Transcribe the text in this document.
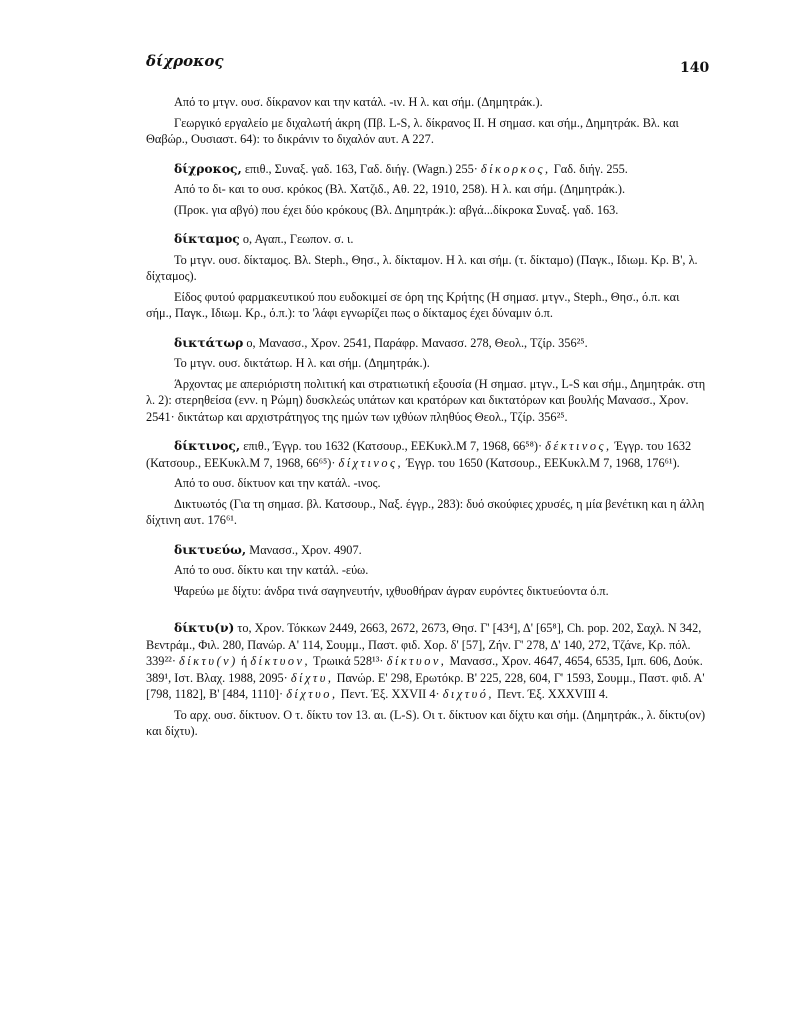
δίχροκος	140

Από το μτγν. ουσ. δίκρανον και την κατάλ. -ιν. Η λ. και σήμ. (Δημητράκ.).

Γεωργικό εργαλείο με διχαλωτή άκρη (Πβ. L-S, λ. δίκρανος II. Η σημασ. και σήμ., Δημητράκ. Βλ. και Θαβώρ., Ουσιαστ. 64): το δικράνιν το διχαλόν αυτ. Α 227.

δίχροκος, επιθ., Συναξ. γαδ. 163, Γαδ. διήγ. (Wagn.) 255· δίκορκος, Γαδ. διήγ. 255.

Από το δι- και το ουσ. κρόκος (Βλ. Χατζιδ., Αθ. 22, 1910, 258). Η λ. και σήμ. (Δημητράκ.).

(Προκ. για αβγό) που έχει δύο κρόκους (Βλ. Δημητράκ.): αβγά...δίκροκα Συναξ. γαδ. 163.

δίκταμος ο, Αγαπ., Γεωπον. σ. ι.

Το μτγν. ουσ. δίκταμος. Βλ. Steph., Θησ., λ. δίκταμον. Η λ. και σήμ. (τ. δίκταμο) (Παγκ., Ιδιωμ. Κρ. Β', λ. δίχταμος).

Είδος φυτού φαρμακευτικού που ευδοκιμεί σε όρη της Κρήτης (Η σημασ. μτγν., Steph., Θησ., ό.π. και σήμ., Παγκ., Ιδιωμ. Κρ., ό.π.): το 'λάφι εγνωρίζει πως ο δίκταμος έχει δύναμιν ό.π.

δικτάτωρ ο, Μανασσ., Χρον. 2541, Παράφρ. Μανασσ. 278, Θεολ., Τζίρ. 356²⁵.

Το μτγν. ουσ. δικτάτωρ. Η λ. και σήμ. (Δημητράκ.).

Άρχοντας με απεριόριστη πολιτική και στρατιωτική εξουσία (Η σημασ. μτγν., L-S και σήμ., Δημητράκ. στη λ. 2): στερηθείσα (ενν. η Ρώμη) δυσκλεώς υπάτων και κρατόρων και δικτατόρων και βουλής Μανασσ., Χρον. 2541· δικτάτωρ και αρχιστράτηγος της ημών των ιχθύων πληθύος Θεολ., Τζίρ. 356²⁵.

δίκτινος, επιθ., Έγγρ. του 1632 (Κατσουρ., ΕΕΚυκλ.Μ 7, 1968, 66⁵⁸)· δέκτινος, Έγγρ. του 1632 (Κατσουρ., ΕΕΚυκλ.Μ 7, 1968, 66⁶⁵)· δίχτινος, Έγγρ. του 1650 (Κατσουρ., ΕΕΚυκλ.Μ 7, 1968, 176⁶¹).

Από το ουσ. δίκτυον και την κατάλ. -ινος.

Δικτυωτός (Για τη σημασ. βλ. Κατσουρ., Ναξ. έγγρ., 283): δυό σκούφιες χρυσές, η μία βενέτικη και η άλλη δίχτινη αυτ. 176⁶¹.

δικτυεύω, Μανασσ., Χρον. 4907.

Από το ουσ. δίκτυ και την κατάλ. -εύω.

Ψαρεύω με δίχτυ: άνδρα τινά σαγηνευτήν, ιχθυοθήραν άγραν ευρόντες δικτυεύοντα ό.π.

δίκτυ(ν) το, Χρον. Τόκκων 2449, 2663, 2672, 2673, Θησ. Γ' [43⁴], Δ' [65⁸], Ch. pop. 202, Σαχλ. Ν 342, Βεντράμ., Φιλ. 280, Πανώρ. Α' 114, Σουμμ., Παστ. φιδ. Χορ. δ' [57], Ζήν. Γ' 278, Δ' 140, 272, Τζάνε, Κρ. πόλ. 339²²· δίκτυ(ν) ή δίκτυον, Τρωικά 528¹³· δίκτυον, Μανασσ., Χρον. 4647, 4654, 6535, Ιμπ. 606, Δούκ. 389¹, Ιστ. Βλαχ. 1988, 2095· δίχτυ, Πανώρ. Ε' 298, Ερωτόκρ. Β' 225, 228, 604, Γ' 1593, Σουμμ., Παστ. φιδ. Α' [798, 1182], Β' [484, 1110]· δίχτυο, Πεντ. Έξ. XXVII 4· διχτυό, Πεντ. Έξ. XXXVIII 4.

Το αρχ. ουσ. δίκτυον. Ο τ. δίκτυ τον 13. αι. (L-S). Οι τ. δίκτυον και δίχτυ και σήμ. (Δημητράκ., λ. δίκτυ(ον) και δίχτυ).
